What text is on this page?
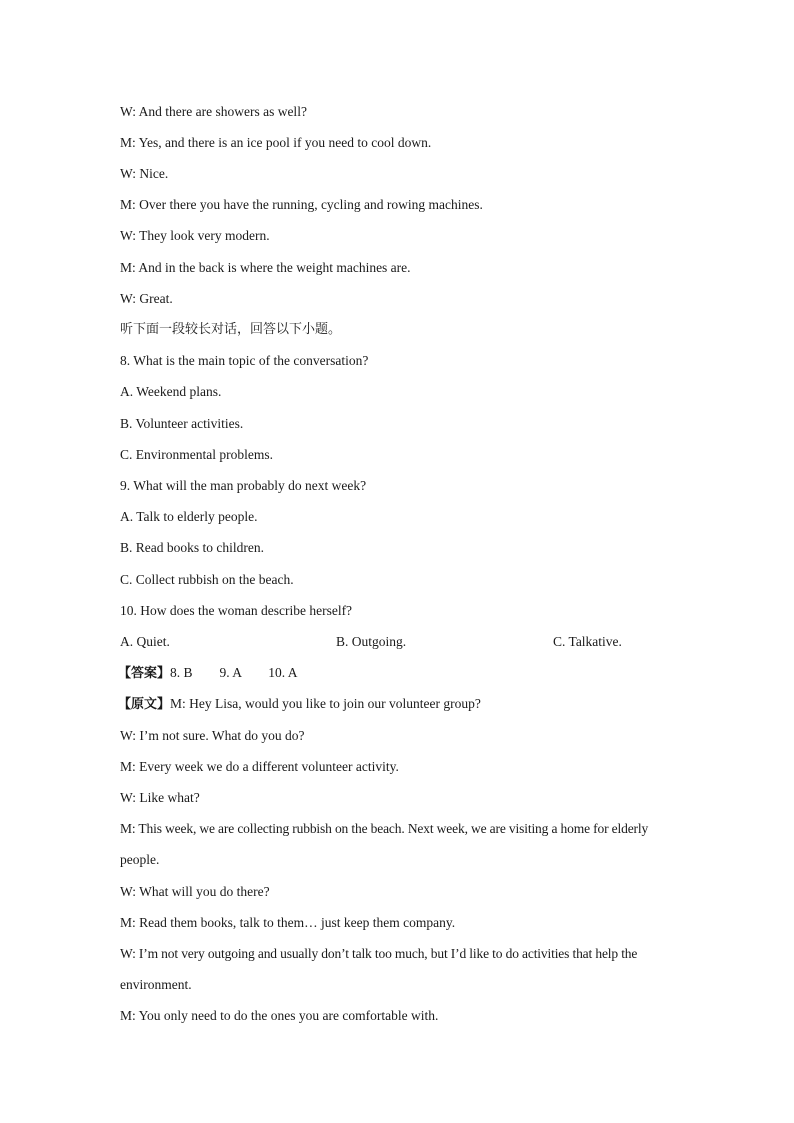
W: And there are showers as well?
M: Yes, and there is an ice pool if you need to cool down.
W: Nice.
M: Over there you have the running, cycling and rowing machines.
W: They look very modern.
M: And in the back is where the weight machines are.
W: Great.
听下面一段较长对话，回答以下小题。
8. What is the main topic of the conversation?
A. Weekend plans.
B. Volunteer activities.
C. Environmental problems.
9. What will the man probably do next week?
A. Talk to elderly people.
B. Read books to children.
C. Collect rubbish on the beach.
10. How does the woman describe herself?
A. Quiet.	B. Outgoing.	C. Talkative.
【答案】8. B        9. A        10. A
【原文】M: Hey Lisa, would you like to join our volunteer group?
W: I’m not sure. What do you do?
M: Every week we do a different volunteer activity.
W: Like what?
M: This week, we are collecting rubbish on the beach. Next week, we are visiting a home for elderly
people.
W: What will you do there?
M: Read them books, talk to them… just keep them company.
W: I’m not very outgoing and usually don’t talk too much, but I’d like to do activities that help the
environment.
M: You only need to do the ones you are comfortable with.
